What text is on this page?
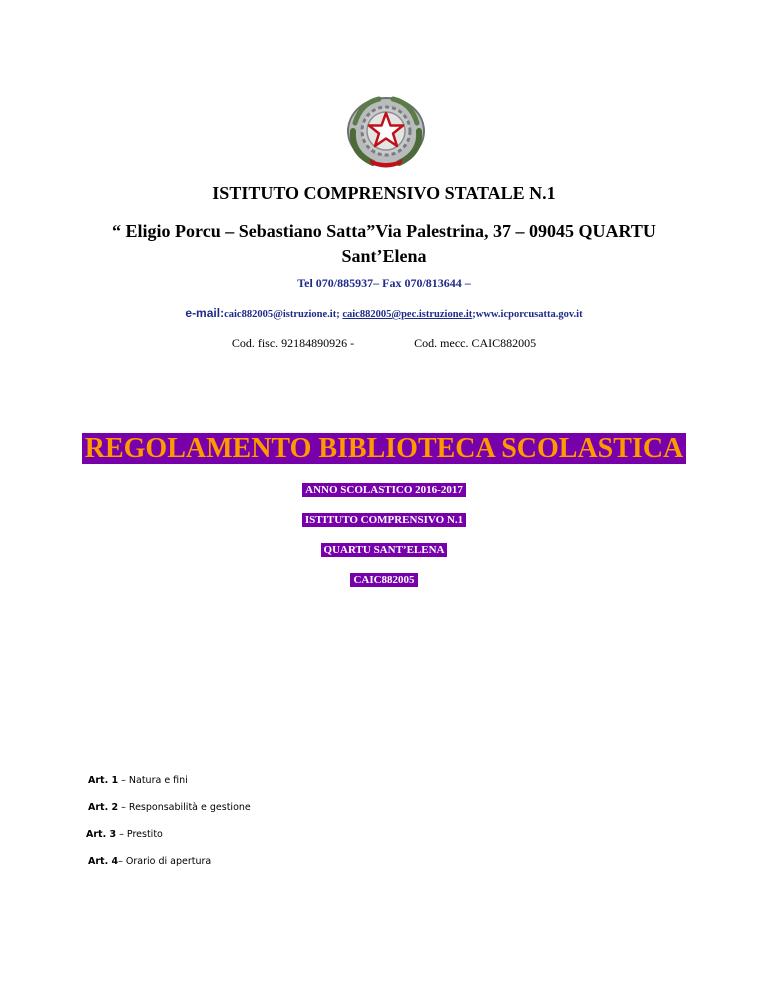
ISTITUTO COMPRENSIVO STATALE N.1
“ Eligio Porcu – Sebastiano Satta”Via Palestrina, 37 – 09045 QUARTU
Sant’Elena
Tel 070/885937– Fax 070/813644 –
e-mail:caic882005@istruzione.it; caic882005@pec.istruzione.it;www.icporcusatta.gov.it
Cod. fisc. 92184890926 -	Cod. mecc. CAIC882005
REGOLAMENTO BIBLIOTECA SCOLASTICA
ANNO SCOLASTICO 2016-2017
ISTITUTO COMPRENSIVO N.1
QUARTU SANT’ELENA
CAIC882005
Art. 1 – Natura e fini
Art. 2 – Responsabilità e gestione
Art. 3 – Prestito
Art. 4– Orario di apertura
